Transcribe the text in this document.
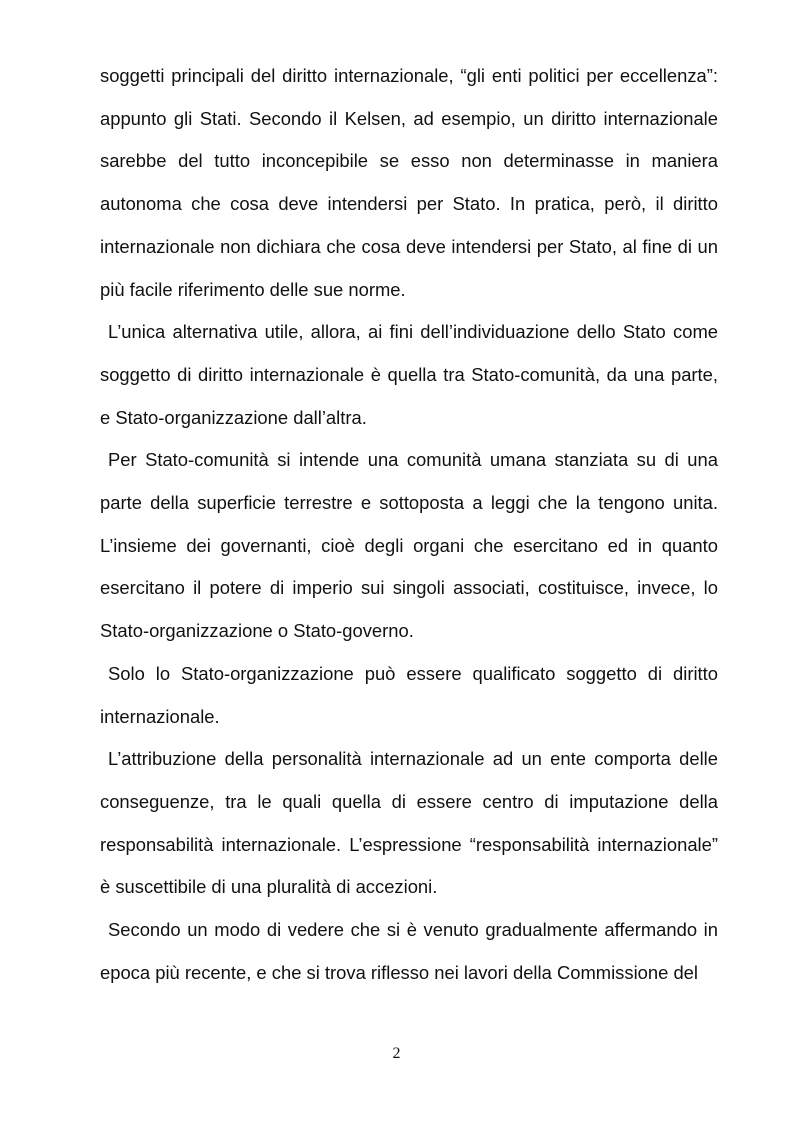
soggetti principali del diritto internazionale, “gli enti politici per eccellenza”: appunto gli Stati. Secondo il Kelsen, ad esempio, un diritto internazionale sarebbe del tutto inconcepibile se esso non determinasse in maniera autonoma che cosa deve intendersi per Stato. In pratica, però, il diritto internazionale non dichiara che cosa deve intendersi per Stato, al fine di un più facile riferimento delle sue norme.

L’unica alternativa utile, allora, ai fini dell’individuazione dello Stato come soggetto di diritto internazionale è quella tra Stato-comunità, da una parte, e Stato-organizzazione dall’altra.

Per Stato-comunità si intende una comunità umana stanziata su di una parte della superficie terrestre e sottoposta a leggi che la tengono unita. L’insieme dei governanti, cioè degli organi che esercitano ed in quanto esercitano il potere di imperio sui singoli associati, costituisce, invece, lo Stato-organizzazione o Stato-governo.

Solo lo Stato-organizzazione può essere qualificato soggetto di diritto internazionale.

L’attribuzione della personalità internazionale ad un ente comporta delle conseguenze, tra le quali quella di essere centro di imputazione della responsabilità internazionale. L’espressione “responsabilità internazionale” è suscettibile di una pluralità di accezioni.

Secondo un modo di vedere che si è venuto gradualmente affermando in epoca più recente, e che si trova riflesso nei lavori della Commissione del

2
